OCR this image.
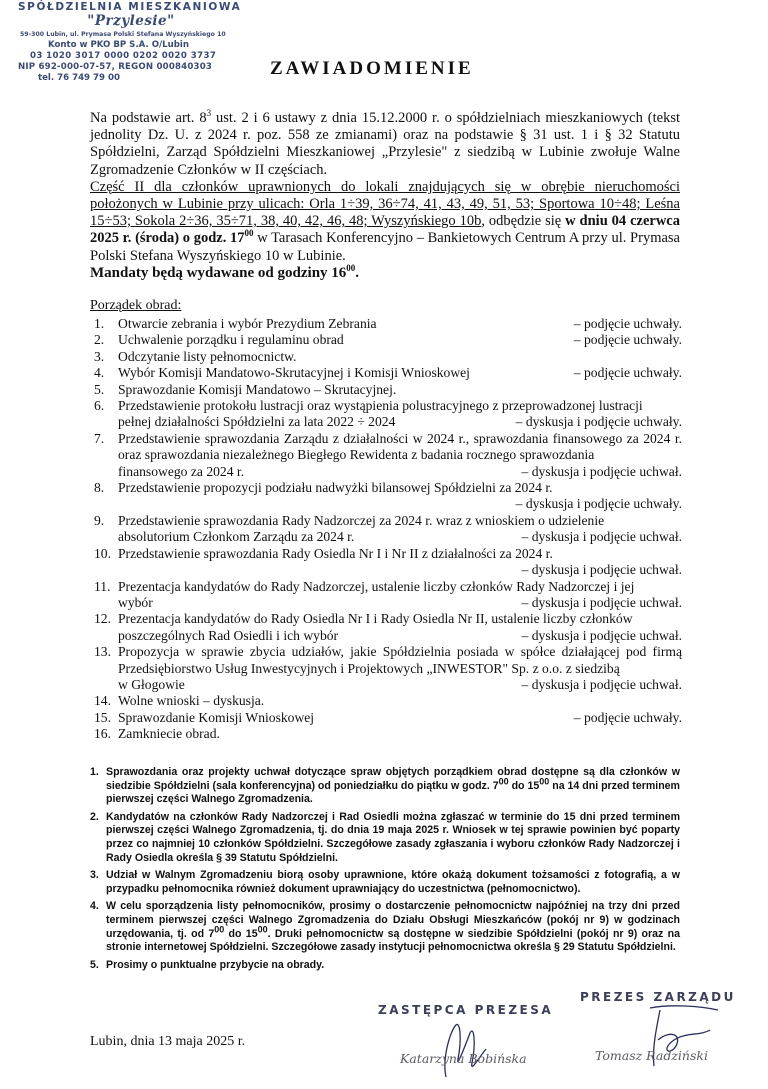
SPÓŁDZIELNIA MIESZKANIOWA
"Przylesie"
59-300 Lubin, ul. Prymasa Polski Stefana Wyszyńskiego 10
Konto w PKO BP S.A. O/Lubin
03 1020 3017 0000 0202 0020 3737
NIP 692-000-07-57, REGON 000840303
tel. 76 749 79 00	ZAWIADOMIENIE

Na podstawie art. $8^3$ ust. 2 i 6 ustawy z dnia 15.12.2000 r. o spółdzielniach mieszkaniowych (tekst jednolity Dz. U. z 2024 r. poz. 558 ze zmianami) oraz na podstawie § 31 ust. 1 i § 32 Statutu Spółdzielni, Zarząd Spółdzielni Mieszkaniowej „Przylesie" z siedzibą w Lubinie zwołuje Walne Zgromadzenie Członków w II częściach.

Część II dla członków uprawnionych do lokali znajdujących się w obrębie nieruchomości położonych w Lubinie przy ulicach: Orla 1÷39, 36÷74, 41, 43, 49, 51, 53; Sportowa 10÷48; Leśna 15÷53; Sokola 2÷36, 35÷71, 38, 40, 42, 46, 48; Wyszyńskiego 10b, odbędzie się w dniu 04 czerwca 2025 r. (środa) o godz. $17^{00}$ w Tarasach Konferencyjno – Bankietowych Centrum A przy ul. Prymasa Polski Stefana Wyszyńskiego 10 w Lubinie.

Mandaty będą wydawane od godziny $16^{00}$.

Porządek obrad:
1.	Otwarcie zebrania i wybór Prezydium Zebrania	– podjęcie uchwały.
2.	Uchwalenie porządku i regulaminu obrad	– podjęcie uchwały.
3.	Odczytanie listy pełnomocnictw.
4.	Wybór Komisji Mandatowo-Skrutacyjnej i Komisji Wnioskowej	– podjęcie uchwały.
5.	Sprawozdanie Komisji Mandatowo – Skrutacyjnej.
6.	Przedstawienie protokołu lustracji oraz wystąpienia polustracyjnego z przeprowadzonej lustracji
pełnej działalności Spółdzielni za lata 2022 ÷ 2024	– dyskusja i podjęcie uchwały.
7.	Przedstawienie sprawozdania Zarządu z działalności w 2024 r., sprawozdania finansowego za 2024 r. oraz sprawozdania niezależnego Biegłego Rewidenta z badania rocznego sprawozdania
finansowego za 2024 r.	– dyskusja i podjęcie uchwał.
8.	Przedstawienie propozycji podziału nadwyżki bilansowej Spółdzielni za 2024 r.
– dyskusja i podjęcie uchwały.
9.	Przedstawienie sprawozdania Rady Nadzorczej za 2024 r. wraz z wnioskiem o udzielenie
absolutorium Członkom Zarządu za 2024 r.	– dyskusja i podjęcie uchwał.
10. Przedstawienie sprawozdania Rady Osiedla Nr I i Nr II z działalności za 2024 r.
– dyskusja i podjęcie uchwał.
11. Prezentacja kandydatów do Rady Nadzorczej, ustalenie liczby członków Rady Nadzorczej i jej
wybór	– dyskusja i podjęcie uchwał.
12. Prezentacja kandydatów do Rady Osiedla Nr I i Rady Osiedla Nr II, ustalenie liczby członków
poszczególnych Rad Osiedli i ich wybór	– dyskusja i podjęcie uchwał.
13. Propozycja w sprawie zbycia udziałów, jakie Spółdzielnia posiada w spółce działającej pod firmą Przedsiębiorstwo Usług Inwestycyjnych i Projektowych „INWESTOR" Sp. z o.o. z siedzibą
w Głogowie	– dyskusja i podjęcie uchwał.
14. Wolne wnioski – dyskusja.
15. Sprawozdanie Komisji Wnioskowej	– podjęcie uchwały.
16. Zamkniecie obrad.
1. Sprawozdania oraz projekty uchwał dotyczące spraw objętych porządkiem obrad dostępne są dla członków w siedzibie Spółdzielni (sala konferencyjna) od poniedziałku do piątku w godz. $7^{00}$ do $15^{00}$ na 14 dni przed terminem pierwszej części Walnego Zgromadzenia.
2. Kandydatów na członków Rady Nadzorczej i Rad Osiedli można zgłaszać w terminie do 15 dni przed terminem pierwszej części Walnego Zgromadzenia, tj. do dnia 19 maja 2025 r. Wniosek w tej sprawie powinien być poparty przez co najmniej 10 członków Spółdzielni. Szczegółowe zasady zgłaszania i wyboru członków Rady Nadzorczej i Rady Osiedla określa § 39 Statutu Spółdzielni.
3. Udział w Walnym Zgromadzeniu biorą osoby uprawnione, które okażą dokument tożsamości z fotografią, a w przypadku pełnomocnika również dokument uprawniający do uczestnictwa (pełnomocnictwo).
4. W celu sporządzenia listy pełnomocników, prosimy o dostarczenie pełnomocnictw najpóźniej na trzy dni przed terminem pierwszej części Walnego Zgromadzenia do Działu Obsługi Mieszkańców (pokój nr 9) w godzinach urzędowania, tj. od $7^{00}$ do $15^{00}$. Druki pełnomocnictw są dostępne w siedzibie Spółdzielni (pokój nr 9) oraz na stronie internetowej Spółdzielni. Szczegółowe zasady instytucji pełnomocnictwa określa § 29 Statutu Spółdzielni.
5. Prosimy o punktualne przybycie na obrady.
ZASTĘPCA PREZESA
Katarzyna Bobińska
PREZES ZARZĄDU
Tomasz Radziński
Lubin, dnia 13 maja 2025 r.
